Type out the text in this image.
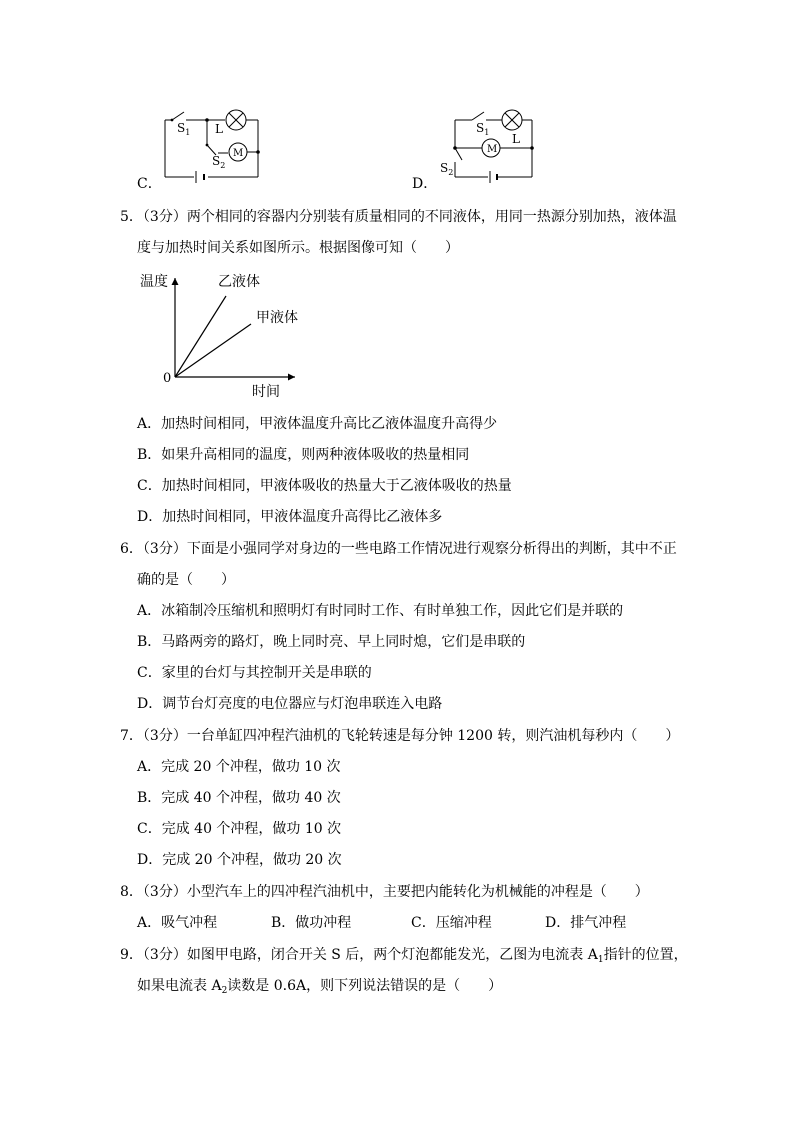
C．
$S_1$ L
$S_2$
M
D．
$S_1$ L
$S_2$
M
5．（3分）两个相同的容器内分别装有质量相同的不同液体，用同一热源分别加热，液体温
度与加热时间关系如图所示。根据图像可知（　　）
温度
时间
0
乙液体
甲液体
A．加热时间相同，甲液体温度升高比乙液体温度升高得少
B．如果升高相同的温度，则两种液体吸收的热量相同
C．加热时间相同，甲液体吸收的热量大于乙液体吸收的热量
D．加热时间相同，甲液体温度升高得比乙液体多
6．（3分）下面是小强同学对身边的一些电路工作情况进行观察分析得出的判断，其中不正
确的是（　　）
A．冰箱制冷压缩机和照明灯有时同时工作、有时单独工作，因此它们是并联的
B．马路两旁的路灯，晚上同时亮、早上同时熄，它们是串联的
C．家里的台灯与其控制开关是串联的
D．调节台灯亮度的电位器应与灯泡串联连入电路
7．（3分）一台单缸四冲程汽油机的飞轮转速是每分钟 1200 转，则汽油机每秒内（　　）
A．完成 20 个冲程，做功 10 次
B．完成 40 个冲程，做功 40 次
C．完成 40 个冲程，做功 10 次
D．完成 20 个冲程，做功 20 次
8．（3分）小型汽车上的四冲程汽油机中，主要把内能转化为机械能的冲程是（　　）
A．吸气冲程	B．做功冲程	C．压缩冲程	D．排气冲程
9．（3分）如图甲电路，闭合开关 S 后，两个灯泡都能发光，乙图为电流表 $A_1$指针的位置，
如果电流表 $A_2$读数是 0.6A，则下列说法错误的是（　　）
